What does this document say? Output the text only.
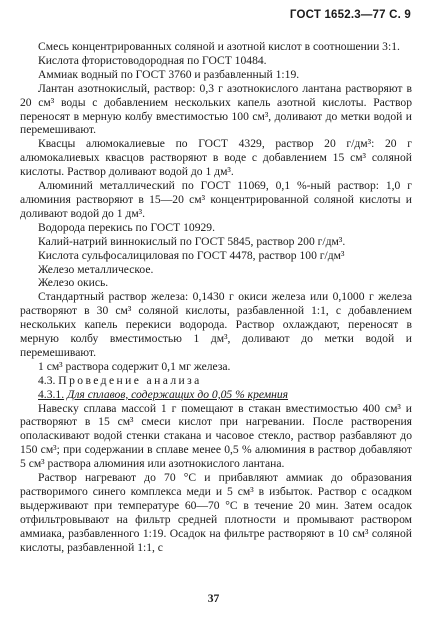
ГОСТ 1652.3—77 С. 9

Смесь концентрированных соляной и азотной кислот в соотношении 3:1.

Кислота фтористоводородная по ГОСТ 10484.

Аммиак водный по ГОСТ 3760 и разбавленный 1:19.

Лантан азотнокислый, раствор: 0,3 г азотнокислого лантана растворяют в 20 см³ воды с добавлением нескольких капель азотной кислоты. Раствор переносят в мерную колбу вместимостью 100 см³, доливают до метки водой и перемешивают.

Квасцы алюмокалиевые по ГОСТ 4329, раствор 20 г/дм³: 20 г алюмокалиевых квасцов растворяют в воде с добавлением 15 см³ соляной кислоты. Раствор доливают водой до 1 дм³.

Алюминий металлический по ГОСТ 11069, 0,1 %-ный раствор: 1,0 г алюминия растворяют в 15—20 см³ концентрированной соляной кислоты и доливают водой до 1 дм³.

Водорода перекись по ГОСТ 10929.

Калий-натрий виннокислый по ГОСТ 5845, раствор 200 г/дм³.

Кислота сульфосалициловая по ГОСТ 4478, раствор 100 г/дм³

Железо металлическое.

Железо окись.

Стандартный раствор железа: 0,1430 г окиси железа или 0,1000 г железа растворяют в 30 см³ соляной кислоты, разбавленной 1:1, с добавлением нескольких капель перекиси водорода. Раствор охлаждают, переносят в мерную колбу вместимостью 1 дм³, доливают до метки водой и перемешивают.

1 см³ раствора содержит 0,1 мг железа.

4.3. Проведение анализа

4.3.1. Для сплавов, содержащих до 0,05 % кремния

Навеску сплава массой 1 г помещают в стакан вместимостью 400 см³ и растворяют в 15 см³ смеси кислот при нагревании. После растворения ополаскивают водой стенки стакана и часовое стекло, раствор разбавляют до 150 см³; при содержании в сплаве менее 0,5 % алюминия в раствор добавляют 5 см³ раствора алюминия или азотнокислого лантана.

Раствор нагревают до 70 °С и прибавляют аммиак до образования растворимого синего комплекса меди и 5 см³ в избыток. Раствор с осадком выдерживают при температуре 60—70 °С в течение 20 мин. Затем осадок отфильтровывают на фильтр средней плотности и промывают раствором аммиака, разбавленного 1:19. Осадок на фильтре растворяют в 10 см³ соляной кислоты, разбавленной 1:1, с

37
